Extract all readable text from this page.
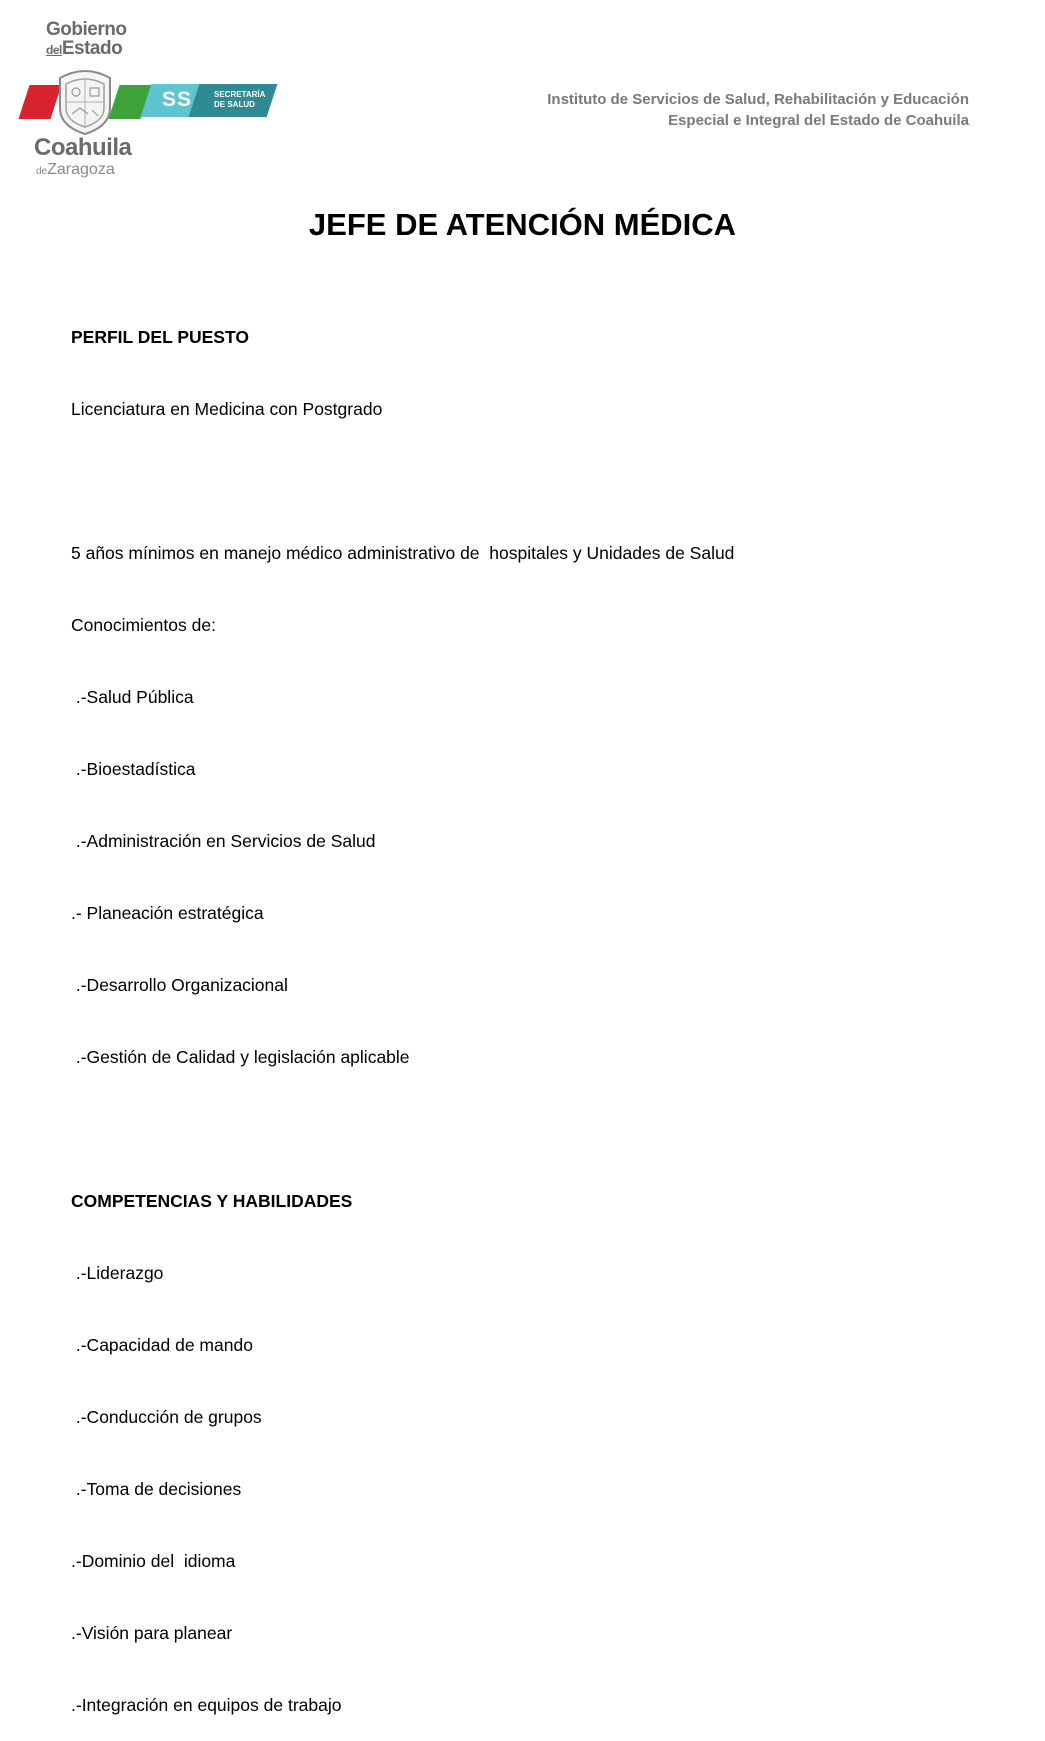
Gobierno
delEstado
SS	SECRETARÍA
DE SALUD
Coahuila
deZaragoza
Instituto de Servicios de Salud, Rehabilitación y Educación
Especial e Integral del Estado de Coahuila
JEFE DE ATENCIÓN MÉDICA

PERFIL DEL PUESTO

Licenciatura en Medicina con Postgrado

5 años mínimos en manejo médico administrativo de  hospitales y Unidades de Salud

Conocimientos de:

.-Salud Pública

.-Bioestadística

.-Administración en Servicios de Salud

.- Planeación estratégica

.-Desarrollo Organizacional

.-Gestión de Calidad y legislación aplicable

COMPETENCIAS Y HABILIDADES

.-Liderazgo

.-Capacidad de mando

.-Conducción de grupos

.-Toma de decisiones

.-Dominio del  idioma

.-Visión para planear

.-Integración en equipos de trabajo
